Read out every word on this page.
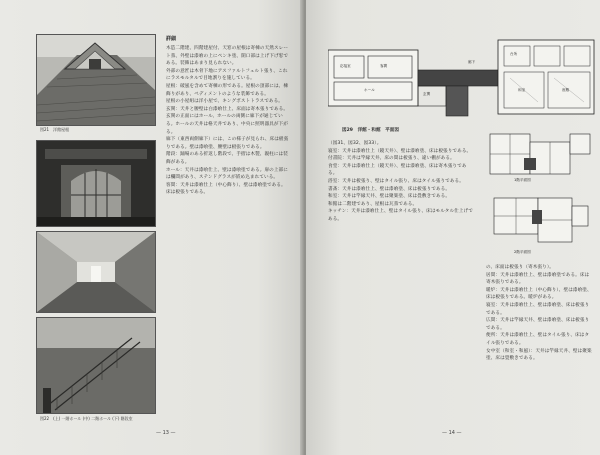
図21　洋館屋根
図22　(上) 一階ホール (中) 二階ホール (下) 階段室
詳細
木造二階建、四階建屋付、天窓の屋根は寄棟の天然スレート葺、外壁は漆喰の上にペンキ塗、開口部は上げ下げ窓である。装飾はあまり見られない。
外部の意匠は木骨下地にアスファルトフェルト張り、これにラスモルタルで目地割りを施している。
屋根：破風を含めて寄棟の形である。屋根の頂部には、棟飾りがあり、ペディメントのような装飾である。
屋根の小屋組は洋小屋で、キングポストトラスである。
玄関：天井と腰壁は白漆喰仕上、床面は寄木張りである。玄関の正面にはホール、ホールの両側に廊下が通じている。ホールの天井は格天井であり、中央に照明器具が下がる。
廊下（東西両側廊下）には、この様子が見られ、床は板張りである。壁は漆喰塗、腰壁は板張りである。
階段：踊場のある折返し階段で、手摺は木製、親柱には装飾がある。
ホール：天井は漆喰仕上、壁は漆喰塗である。扉の上部には欄間があり、ステンドグラスが嵌め込まれている。
客間：天井は漆喰仕上（中心飾り）、壁は漆喰塗である。床は板張りである。
— 13 —
応接室	客間
ホール
玄関
廊下
台所
和室	座敷
図29　洋館・和館　平面図
1階平面図
2階平面図
（図31、図32、図33）。
寝室：天井は漆喰仕上（鏡天井）、壁は漆喰塗、床は板張りである。
付書院：天井は竿縁天井、床の間は板張り、違い棚がある。
食堂：天井は漆喰仕上（鏡天井）、壁は漆喰塗、床は寄木張りである。
浴室：天井は板張り、壁はタイル張り、床はタイル張りである。
書斎：天井は漆喰仕上、壁は漆喰塗、床は板張りである。
和室：天井は竿縁天井、壁は聚楽塗、床は畳敷きである。
和館は二階建であり、屋根は瓦葺である。
キッチン：天井は漆喰仕上、壁はタイル張り、床はモルタル仕上げである。
の、床面は板張り（寄木張り）。
居間：天井は漆喰仕上、壁は漆喰塗である。床は寄木張りである。
暖炉：天井は漆喰仕上（中心飾り）、壁は漆喰塗、床は板張りである。暖炉がある。
寝室：天井は漆喰仕上、壁は漆喰塗、床は板張りである。
広間：天井は竿縁天井、壁は漆喰塗、床は板張りである。
便所：天井は漆喰仕上、壁はタイル張り、床はタイル張りである。
女中室（和室・和風）：天井は竿縁天井、壁は聚楽塗、床は畳敷きである。
— 14 —
